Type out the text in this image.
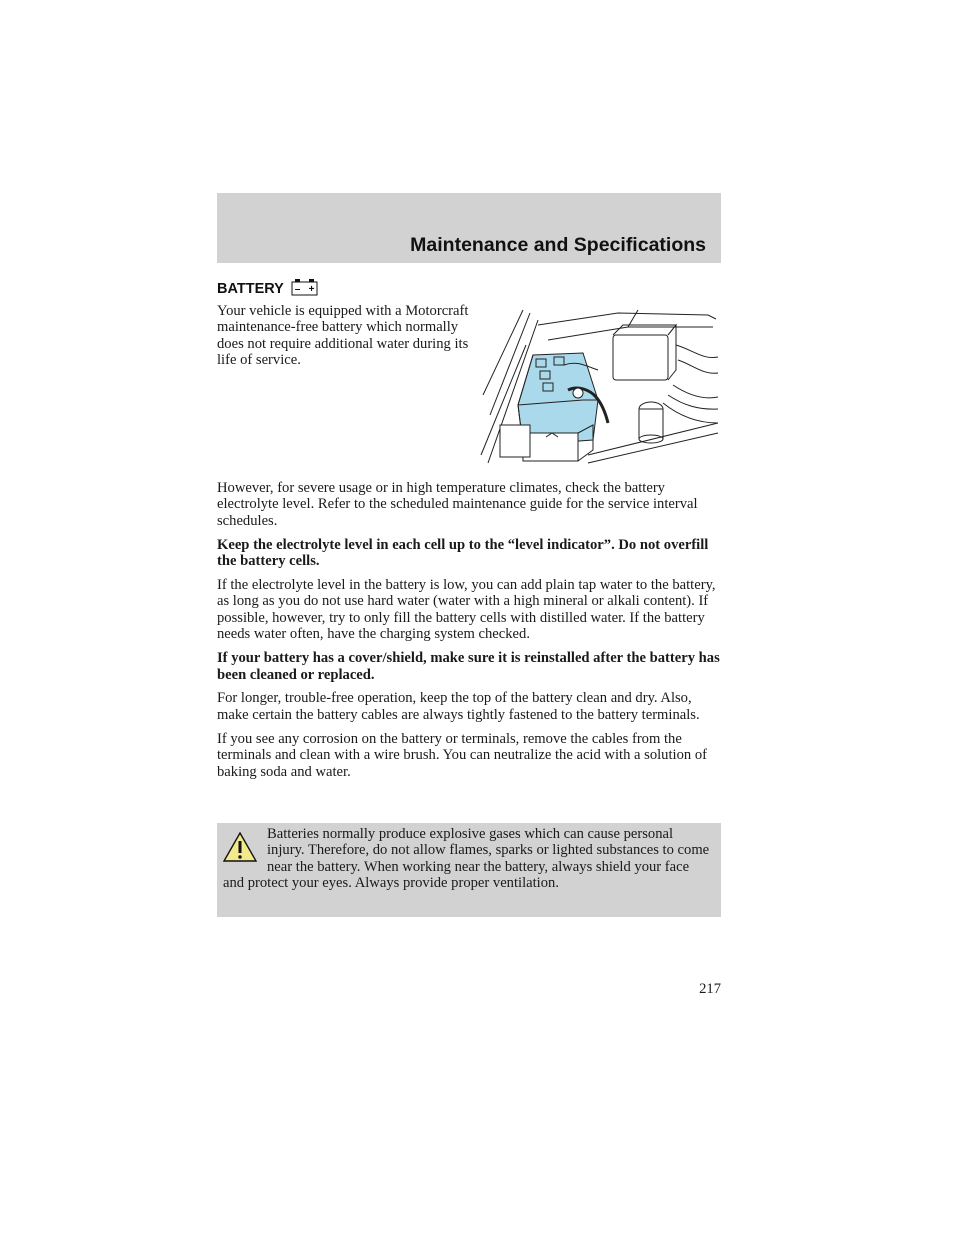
Maintenance and Specifications
BATTERY – +

Your vehicle is equipped with a Motorcraft maintenance-free battery which normally does not require additional water during its life of service.

However, for severe usage or in high temperature climates, check the battery electrolyte level. Refer to the scheduled maintenance guide for the service interval schedules.

Keep the electrolyte level in each cell up to the “level indicator”. Do not overfill the battery cells.

If the electrolyte level in the battery is low, you can add plain tap water to the battery, as long as you do not use hard water (water with a high mineral or alkali content). If possible, however, try to only fill the battery cells with distilled water. If the battery needs water often, have the charging system checked.

If your battery has a cover/shield, make sure it is reinstalled after the battery has been cleaned or replaced.

For longer, trouble-free operation, keep the top of the battery clean and dry. Also, make certain the battery cables are always tightly fastened to the battery terminals.

If you see any corrosion on the battery or terminals, remove the cables from the terminals and clean with a wire brush. You can neutralize the acid with a solution of baking soda and water.

Batteries normally produce explosive gases which can cause personal injury. Therefore, do not allow flames, sparks or lighted substances to come near the battery. When working near the battery, always shield your face and protect your eyes. Always provide proper ventilation.

217
